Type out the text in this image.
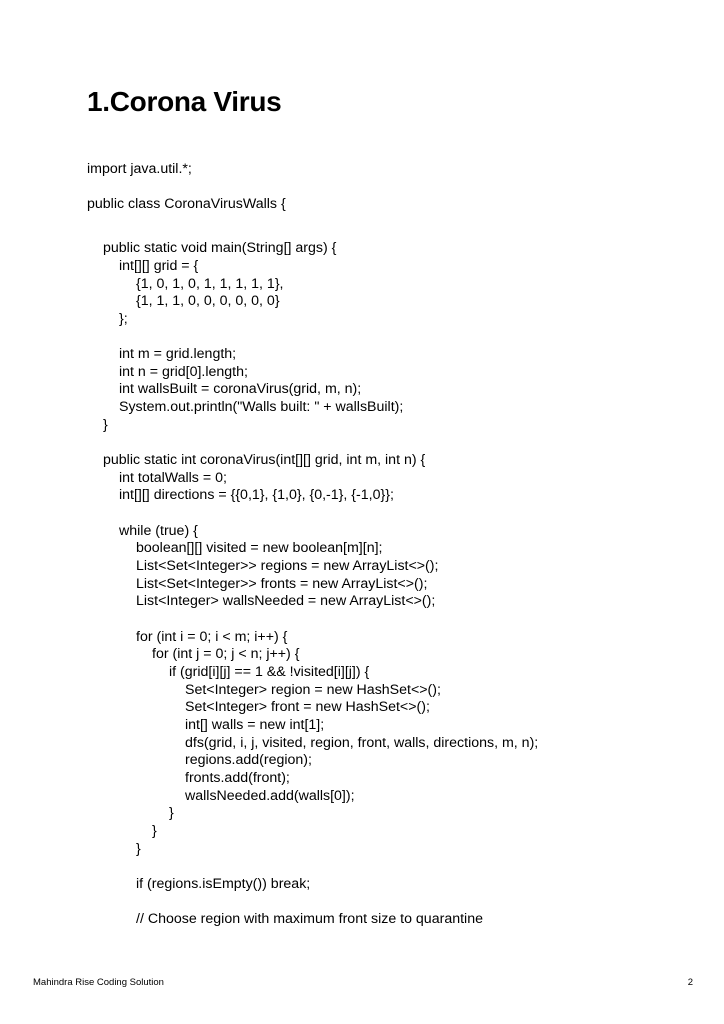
1.Corona Virus
import java.util.*;
public class CoronaVirusWalls {
public static void main(String[] args) {
int[][] grid = {
{1, 0, 1, 0, 1, 1, 1, 1, 1},
{1, 1, 1, 0, 0, 0, 0, 0, 0}
};
int m = grid.length;
int n = grid[0].length;
int wallsBuilt = coronaVirus(grid, m, n);
System.out.println("Walls built: " + wallsBuilt);
}
public static int coronaVirus(int[][] grid, int m, int n) {
int totalWalls = 0;
int[][] directions = {{0,1}, {1,0}, {0,-1}, {-1,0}};
while (true) {
boolean[][] visited = new boolean[m][n];
List<Set<Integer>> regions = new ArrayList<>();
List<Set<Integer>> fronts = new ArrayList<>();
List<Integer> wallsNeeded = new ArrayList<>();
for (int i = 0; i < m; i++) {
for (int j = 0; j < n; j++) {
if (grid[i][j] == 1 && !visited[i][j]) {
Set<Integer> region = new HashSet<>();
Set<Integer> front = new HashSet<>();
int[] walls = new int[1];
dfs(grid, i, j, visited, region, front, walls, directions, m, n);
regions.add(region);
fronts.add(front);
wallsNeeded.add(walls[0]);
}
}
}
if (regions.isEmpty()) break;
// Choose region with maximum front size to quarantine
Mahindra Rise Coding Solution	2
